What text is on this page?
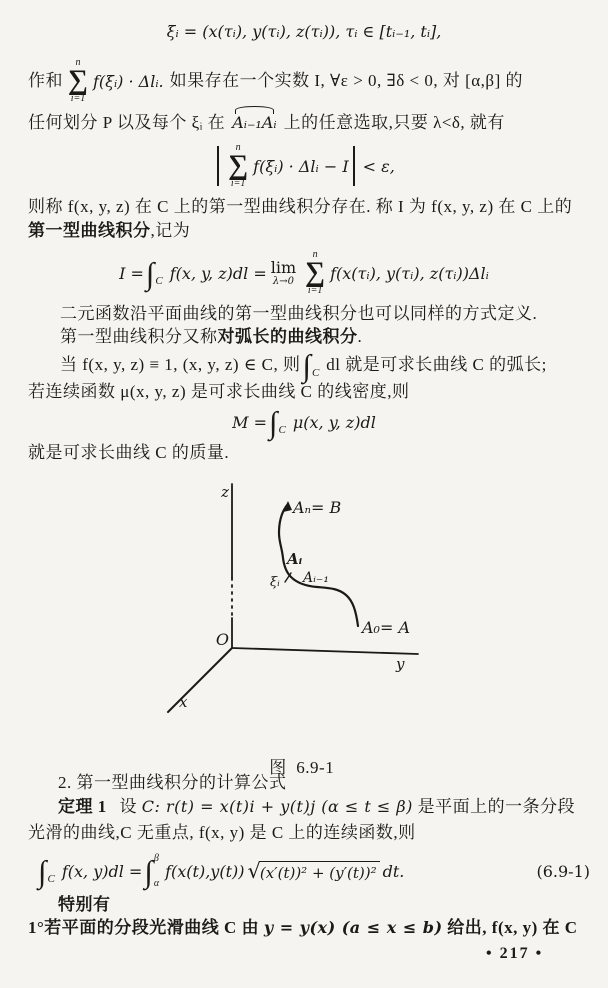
ξᵢ = (x(τᵢ), y(τᵢ), z(τᵢ)), τᵢ ∈ [tᵢ₋₁, tᵢ],
作和
n
∑
i=1
f(ξᵢ) · Δlᵢ. 如果存在一个实数 I, ∀ε > 0, ∃δ < 0, 对 [α,β] 的
任何划分 P 以及每个 ξᵢ 在 Aᵢ₋₁Aᵢ 上的任意选取,只要 λ<δ, 就有
n
∑
i=1
f(ξᵢ) · Δlᵢ − I < ε,
则称 f(x, y, z) 在 C 上的第一型曲线积分存在. 称 I 为 f(x, y, z) 在 C 上的
第一型曲线积分,记为
I = ∫ C f(x, y, z)dl = lim
λ→0
n
∑
i=1
f(x(τᵢ), y(τᵢ), z(τᵢ))Δlᵢ
二元函数沿平面曲线的第一型曲线积分也可以同样的方式定义.
第一型曲线积分又称对弧长的曲线积分.
当 f(x, y, z) ≡ 1, (x, y, z) ∈ C, 则 ∫ C dl 就是可求长曲线 C 的弧长;
若连续函数 μ(x, y, z) 是可求长曲线 C 的线密度,则
M = ∫ C μ(x, y, z)dl
就是可求长曲线 C 的质量.
z
y
x
O
Aₙ= B
Aᵢ
Aᵢ₋₁
ξᵢ
A₀= A

图  6.9-1

2. 第一型曲线积分的计算公式
定理 1 设 C: r(t) = x(t)i + y(t)j (α ≤ t ≤ β) 是平面上的一条分段
光滑的曲线,C 无重点, f(x, y) 是 C 上的连续函数,则
∫ C f(x, y)dl = ∫ β
α
f(x(t),y(t)) √ (x′(t))² + (y′(t))² dt.	(6.9-1)
特别有
1°若平面的分段光滑曲线 C 由 y = y(x) (a ≤ x ≤ b) 给出, f(x, y) 在 C
• 217 •
